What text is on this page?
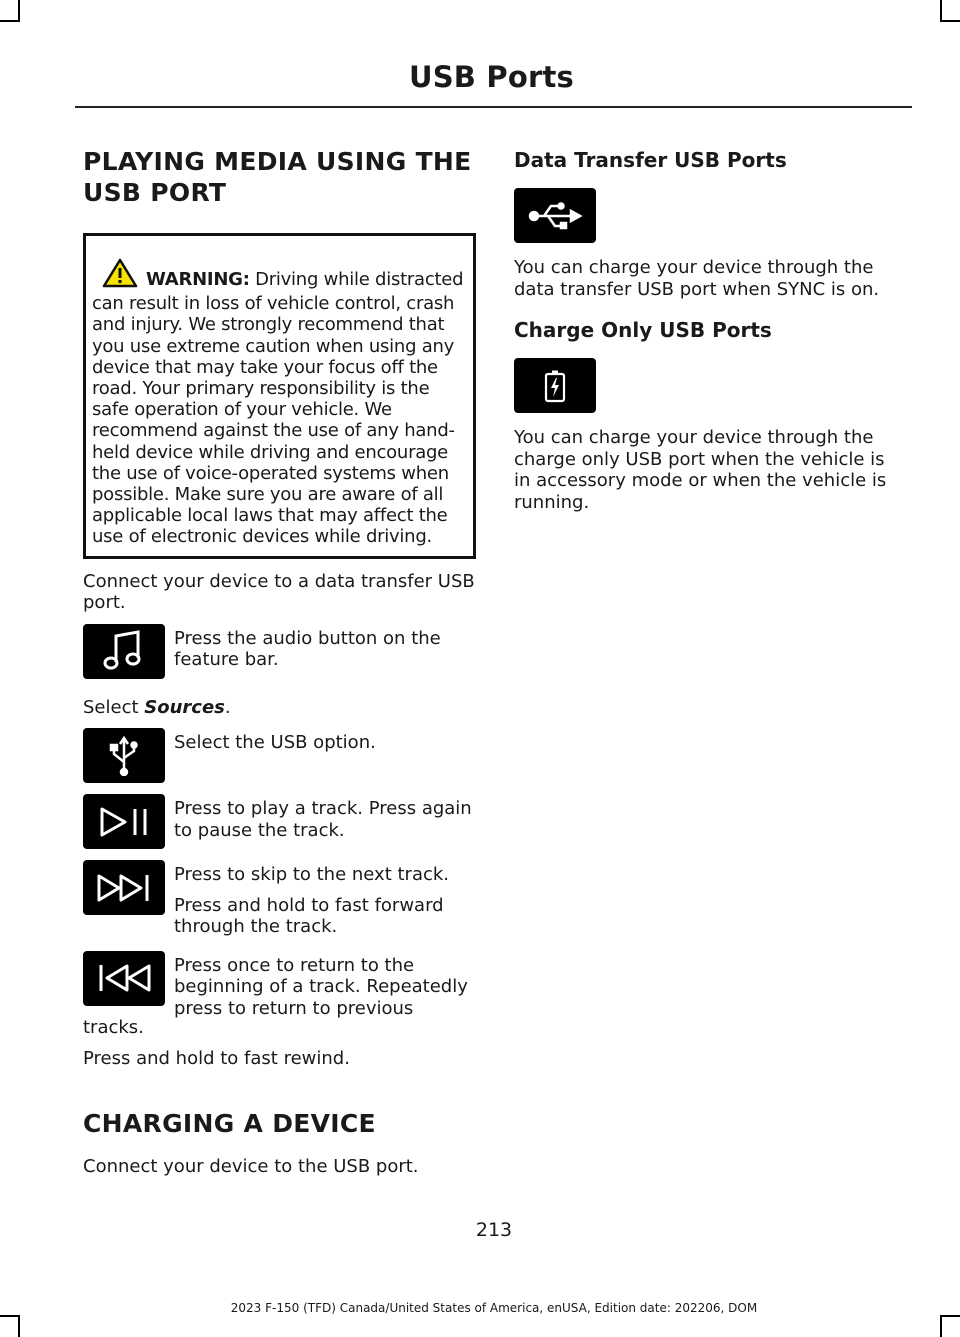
USB Ports
PLAYING MEDIA USING THE
USB PORT
WARNING: Driving while distracted can result in loss of vehicle control, crash and injury. We strongly recommend that you use extreme caution when using any device that may take your focus off the road. Your primary responsibility is the safe operation of your vehicle. We recommend against the use of any hand-held device while driving and encourage the use of voice-operated systems when possible. Make sure you are aware of all applicable local laws that may affect the use of electronic devices while driving.

Connect your device to a data transfer USB port.

Press the audio button on the feature bar.

Select Sources.

Select the USB option.

Press to play a track. Press again to pause the track.

Press to skip to the next track.

Press and hold to fast forward through the track.

Press once to return to the beginning of a track. Repeatedly press to return to previous

tracks.

Press and hold to fast rewind.

CHARGING A DEVICE

Connect your device to the USB port.

Data Transfer USB Ports

You can charge your device through the data transfer USB port when SYNC is on.

Charge Only USB Ports

You can charge your device through the charge only USB port when the vehicle is in accessory mode or when the vehicle is running.

213
2023 F-150 (TFD) Canada/United States of America, enUSA, Edition date: 202206, DOM
